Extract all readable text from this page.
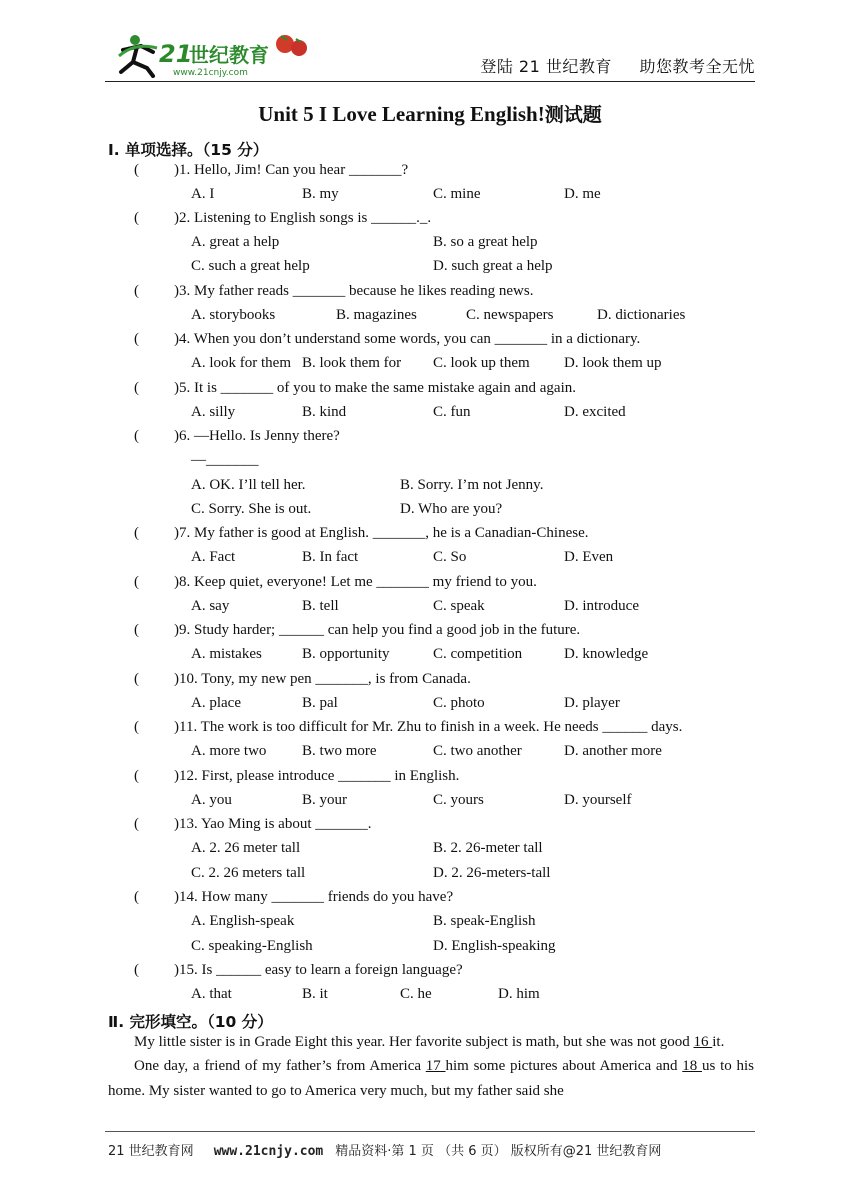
21
世纪教育
www.21cnjy.com	登陆 21 世纪教育 助您教考全无忧
Unit 5 I Love Learning English!测试题
Ⅰ. 单项选择。（15 分）
( )1. Hello, Jim! Can you hear _______?
A. I	B. my	C. mine	D. me
( )2. Listening to English songs is ______._.
A. great a help	B. so a great help
C. such a great help	D. such great a help
( )3. My father reads _______ because he likes reading news.
A. storybooks	B. magazines	C. newspapers	D. dictionaries
( )4. When you don’t understand some words, you can _______ in a dictionary.
A. look for them B. look them for C. look up them D. look them up
( )5. It is _______ of you to make the same mistake again and again.
A. silly	B. kind	C. fun	D. excited
( )6. —Hello. Is Jenny there?
—_______
A. OK. I’ll tell her.	B. Sorry. I’m not Jenny.
C. Sorry. She is out.	D. Who are you?
( )7. My father is good at English. _______, he is a Canadian-Chinese.
A. Fact	B. In fact	C. So	D. Even
( )8. Keep quiet, everyone! Let me _______ my friend to you.
A. say	B. tell	C. speak	D. introduce
( )9. Study harder; ______ can help you find a good job in the future.
A. mistakes	B. opportunity	C. competition	D. knowledge
( )10. Tony, my new pen _______, is from Canada.
A. place	B. pal	C. photo	D. player
( )11. The work is too difficult for Mr. Zhu to finish in a week. He needs ______ days.
A. more two B. two more	C. two another	D. another more
( )12. First, please introduce _______ in English.
A. you	B. your	C. yours	D. yourself
( )13. Yao Ming is about _______.
A. 2. 26 meter tall	B. 2. 26-meter tall
C. 2. 26 meters tall	D. 2. 26-meters-tall
( )14. How many _______ friends do you have?
A. English-speak	B. speak-English
C. speaking-English	D. English-speaking
( )15. Is ______ easy to learn a foreign language?
A. that	B. it	C. he	D. him
Ⅱ. 完形填空。（10 分）

My little sister is in Grade Eight this year. Her favorite subject is math, but she was not good 16 it.

One day, a friend of my father’s from America 17 him some pictures about America and 18 us to his home. My sister wanted to go to America very much, but my father said she

21 世纪教育网 www.21cnjy.com 精品资料·第 1 页 （共 6 页） 版权所有@21 世纪教育网
